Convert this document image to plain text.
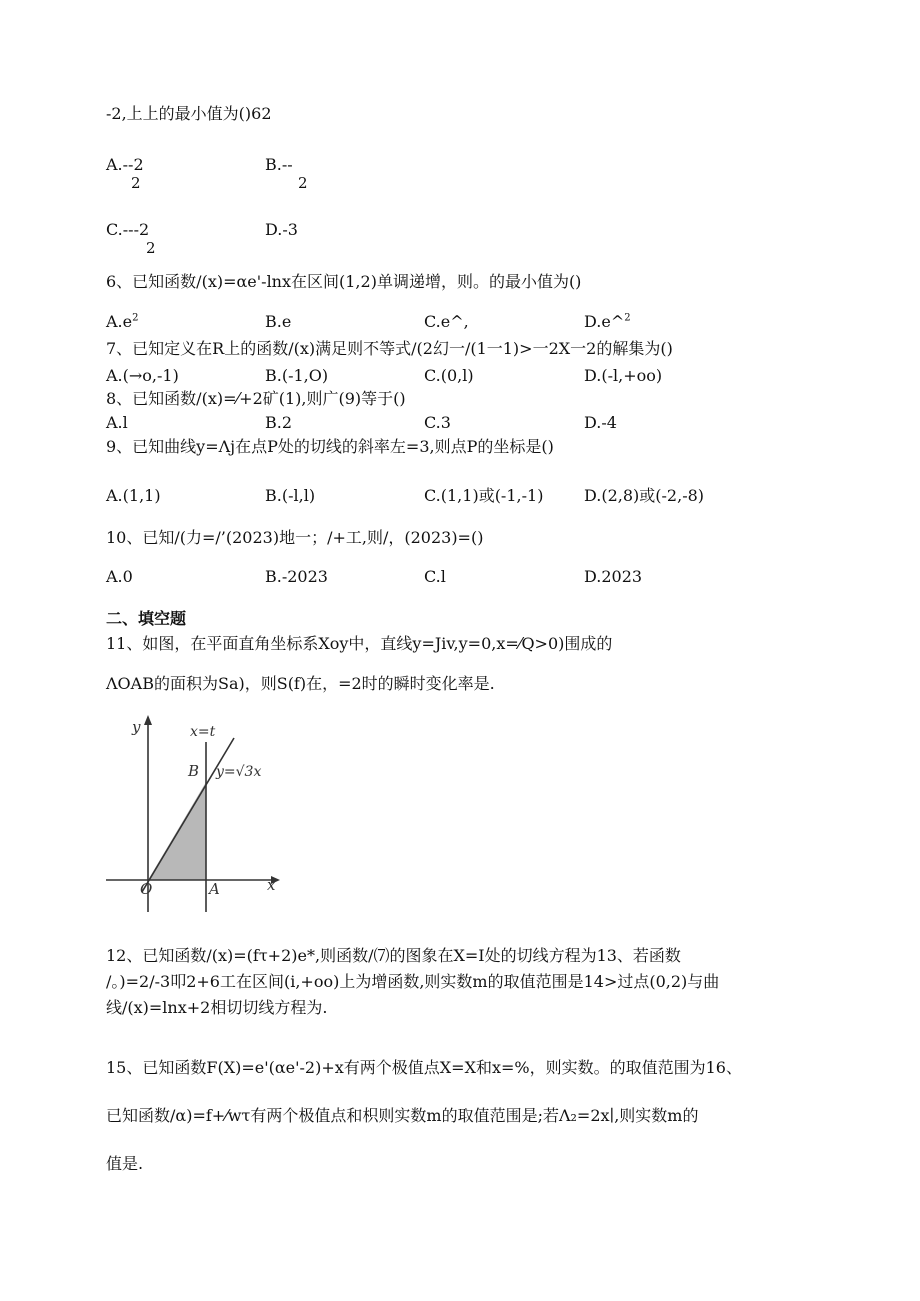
-2,上上的最小值为()62
A.--2
2
B.--
2
C.---2
2
D.-3
6、已知函数/(x)=αe'-lnx在区间(1,2)单调递增，则。的最小值为()
$A.e^2$	B.e	C.e^,	D.e^$^2$
7、已知定义在R上的函数/(x)满足则不等式/(2幻一/(1一1)>一2X一2的解集为()
A.(→o,-1)	B.(-1,O)	C.(0,l)	D.(-l,+oo)
8、已知函数/(x)=⁄+2矿(1),则广(9)等于()
A.l	B.2	C.3	D.-4
9、已知曲线y=Λj在点P处的切线的斜率左=3,则点P的坐标是()
A.(1,1)	B.(-l,l)	C.(1,1)或(-1,-1)	D.(2,8)或(-2,-8)
10、已知/(力=/’(2023)地一；/+工,则/，(2023)=()
A.0	B.-2023	C.l	D.2023
二、填空题
11、如图，在平面直角坐标系Xoy中，直线y=Jiv,y=0,x=⁄Q>0)围成的
ΛOAB的面积为Sa)，则S(f)在，=2时的瞬时变化率是.
y
x
x=t
B y=√3x
O	A
12、已知函数/(x)=(fτ+2)e*,则函数/⑺的图象在X=I处的切线方程为13、若函数
/。)=2/-3叩2+6工在区间(i,+oo)上为增函数,则实数m的取值范围是14>过点(0,2)与曲
线/(x)=lnx+2相切切线方程为.
15、已知函数F(X)=e'(αe'-2)+x有两个极值点X=X和x=%，则实数。的取值范围为16、
已知函数/α)=f+⁄wτ有两个极值点和枳则实数m的取值范围是;若Λ₂=2x∣,则实数m的
值是.
